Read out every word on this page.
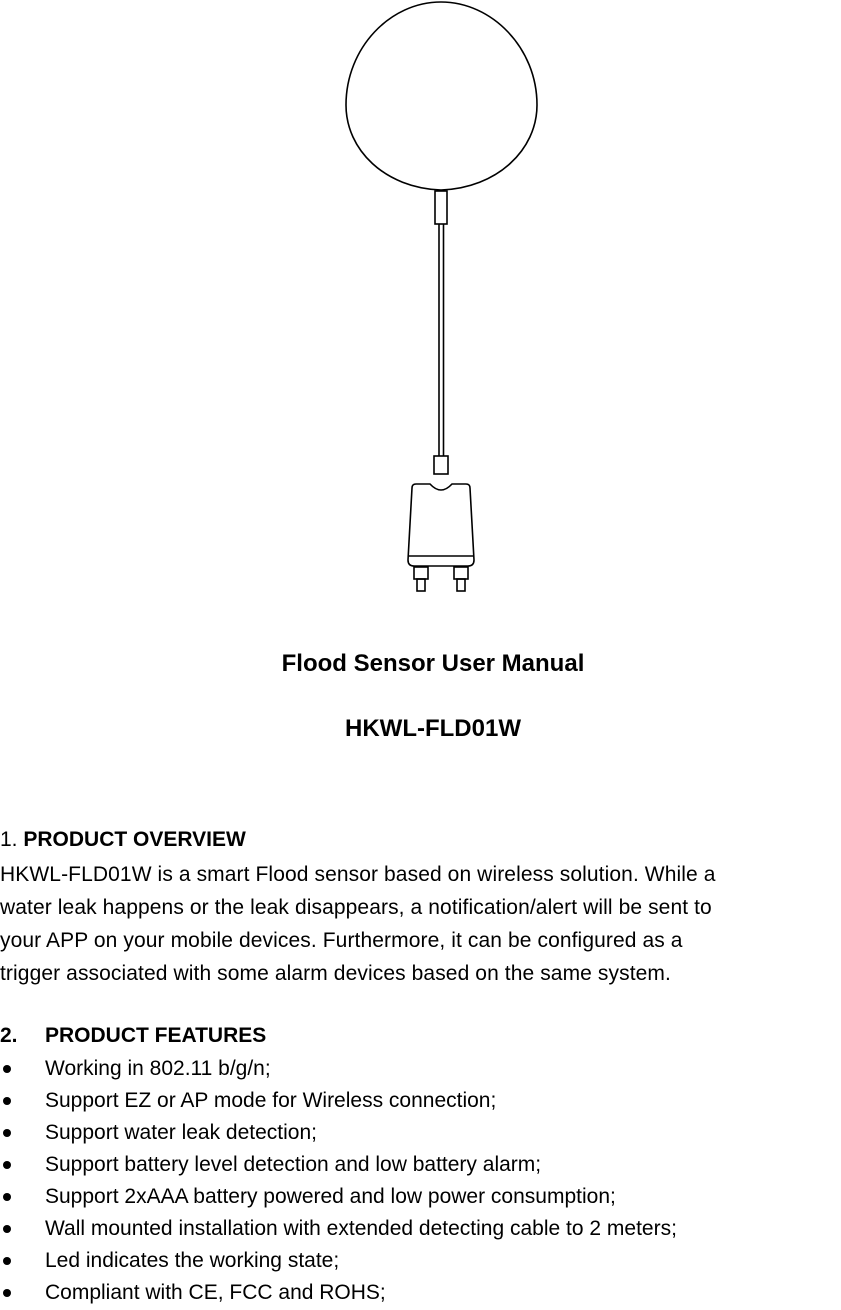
Flood Sensor User Manual
HKWL-FLD01W
1. PRODUCT OVERVIEW

HKWL-FLD01W is a smart Flood sensor based on wireless solution. While a
water leak happens or the leak disappears, a notification/alert will be sent to
your APP on your mobile devices. Furthermore, it can be configured as a
trigger associated with some alarm devices based on the same system.

2. PRODUCT FEATURES
Working in 802.11 b/g/n;
Support EZ or AP mode for Wireless connection;
Support water leak detection;
Support battery level detection and low battery alarm;
Support 2xAAA battery powered and low power consumption;
Wall mounted installation with extended detecting cable to 2 meters;
Led indicates the working state;
Compliant with CE, FCC and ROHS;
